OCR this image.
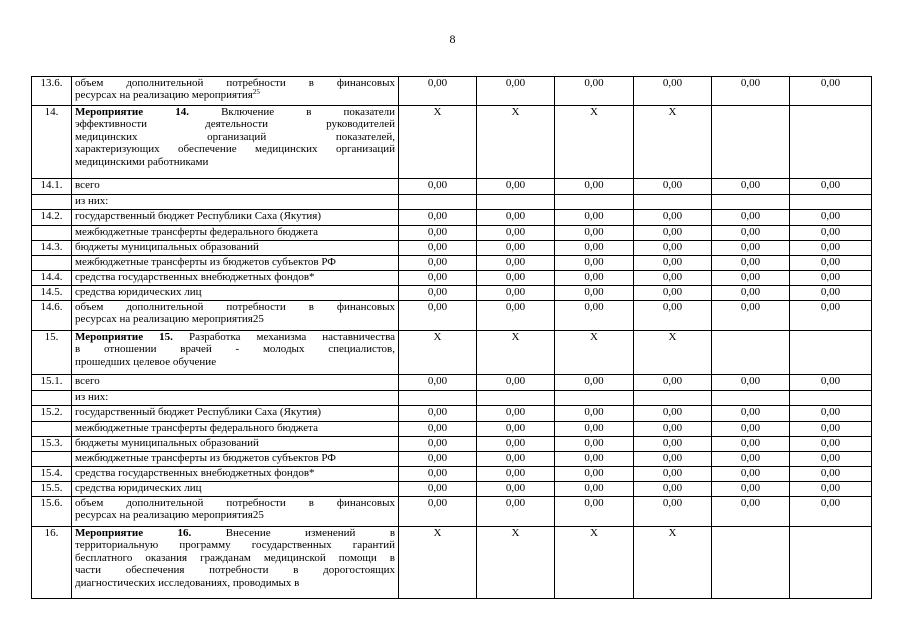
8
13.6.	объем дополнительной потребности в финансовых
ресурсах на реализацию мероприятия$^{25}$	0,00	0,00	0,00	0,00	0,00	0,00
14.	Мероприятие 14. Включение в показатели
эффективности деятельности руководителей
медицинских организаций показателей,
характеризующих обеспечение медицинских организаций
медицинскими работниками	X	X	X	X		
14.1.	всего	0,00	0,00	0,00	0,00	0,00	0,00

	из них:						

14.2.	государственный бюджет Республики Саха (Якутия)	0,00	0,00	0,00	0,00	0,00	0,00

	межбюджетные трансферты федерального бюджета	0,00	0,00	0,00	0,00	0,00	0,00
14.3.	бюджеты муниципальных образований	0,00	0,00	0,00	0,00	0,00	0,00

	межбюджетные трансферты из бюджетов субъектов РФ	0,00	0,00	0,00	0,00	0,00	0,00
14.4.	средства государственных внебюджетных фондов*	0,00	0,00	0,00	0,00	0,00	0,00
14.5.	средства юридических лиц	0,00	0,00	0,00	0,00	0,00	0,00
14.6.	объем дополнительной потребности в финансовых
ресурсах на реализацию мероприятия25	0,00	0,00	0,00	0,00	0,00	0,00
15.	Мероприятие 15. Разработка механизма наставничества
в отношении врачей - молодых специалистов,
прошедших целевое обучение	X	X	X	X		
15.1.	всего	0,00	0,00	0,00	0,00	0,00	0,00

	из них:						

15.2.	государственный бюджет Республики Саха (Якутия)	0,00	0,00	0,00	0,00	0,00	0,00

	межбюджетные трансферты федерального бюджета	0,00	0,00	0,00	0,00	0,00	0,00
15.3.	бюджеты муниципальных образований	0,00	0,00	0,00	0,00	0,00	0,00

	межбюджетные трансферты из бюджетов субъектов РФ	0,00	0,00	0,00	0,00	0,00	0,00
15.4.	средства государственных внебюджетных фондов*	0,00	0,00	0,00	0,00	0,00	0,00
15.5.	средства юридических лиц	0,00	0,00	0,00	0,00	0,00	0,00
15.6.	объем дополнительной потребности в финансовых
ресурсах на реализацию мероприятия25	0,00	0,00	0,00	0,00	0,00	0,00
16.	Мероприятие 16. Внесение изменений в
территориальную программу государственных гарантий
бесплатного оказания гражданам медицинской помощи в
части обеспечения потребности в дорогостоящих
диагностических исследованиях, проводимых в	X	X	X	X		
